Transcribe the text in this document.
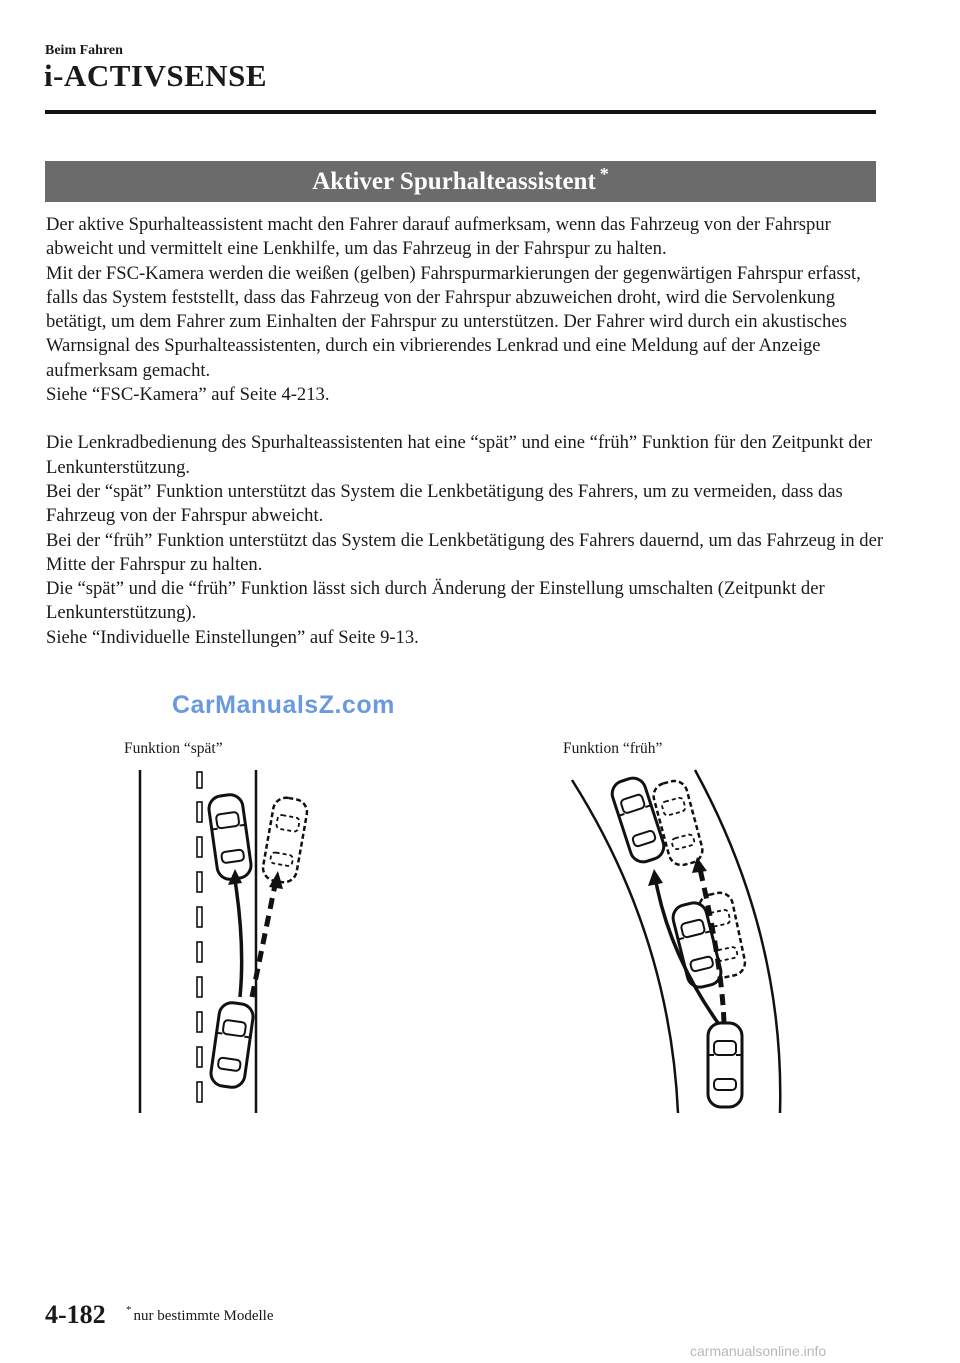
Beim Fahren
i-ACTIVSENSE
Aktiver Spurhalteassistent *

Der aktive Spurhalteassistent macht den Fahrer darauf aufmerksam, wenn das Fahrzeug von der Fahrspur abweicht und vermittelt eine Lenkhilfe, um das Fahrzeug in der Fahrspur zu halten.

Mit der FSC-Kamera werden die weißen (gelben) Fahrspurmarkierungen der gegenwärtigen Fahrspur erfasst, falls das System feststellt, dass das Fahrzeug von der Fahrspur abzuweichen droht, wird die Servolenkung betätigt, um dem Fahrer zum Einhalten der Fahrspur zu unterstützen. Der Fahrer wird durch ein akustisches Warnsignal des Spurhalteassistenten, durch ein vibrierendes Lenkrad und eine Meldung auf der Anzeige aufmerksam gemacht.

Siehe “FSC-Kamera” auf Seite 4-213.

Die Lenkradbedienung des Spurhalteassistenten hat eine “spät” und eine “früh” Funktion für den Zeitpunkt der Lenkunterstützung.

Bei der “spät” Funktion unterstützt das System die Lenkbetätigung des Fahrers, um zu vermeiden, dass das Fahrzeug von der Fahrspur abweicht.

Bei der “früh” Funktion unterstützt das System die Lenkbetätigung des Fahrers dauernd, um das Fahrzeug in der Mitte der Fahrspur zu halten.

Die “spät” und die “früh” Funktion lässt sich durch Änderung der Einstellung umschalten (Zeitpunkt der Lenkunterstützung).

Siehe “Individuelle Einstellungen” auf Seite 9-13.

CarManualsZ.com
Funktion “spät”	Funktion “früh”
4-182 * nur bestimmte Modelle
carmanualsonline.info
